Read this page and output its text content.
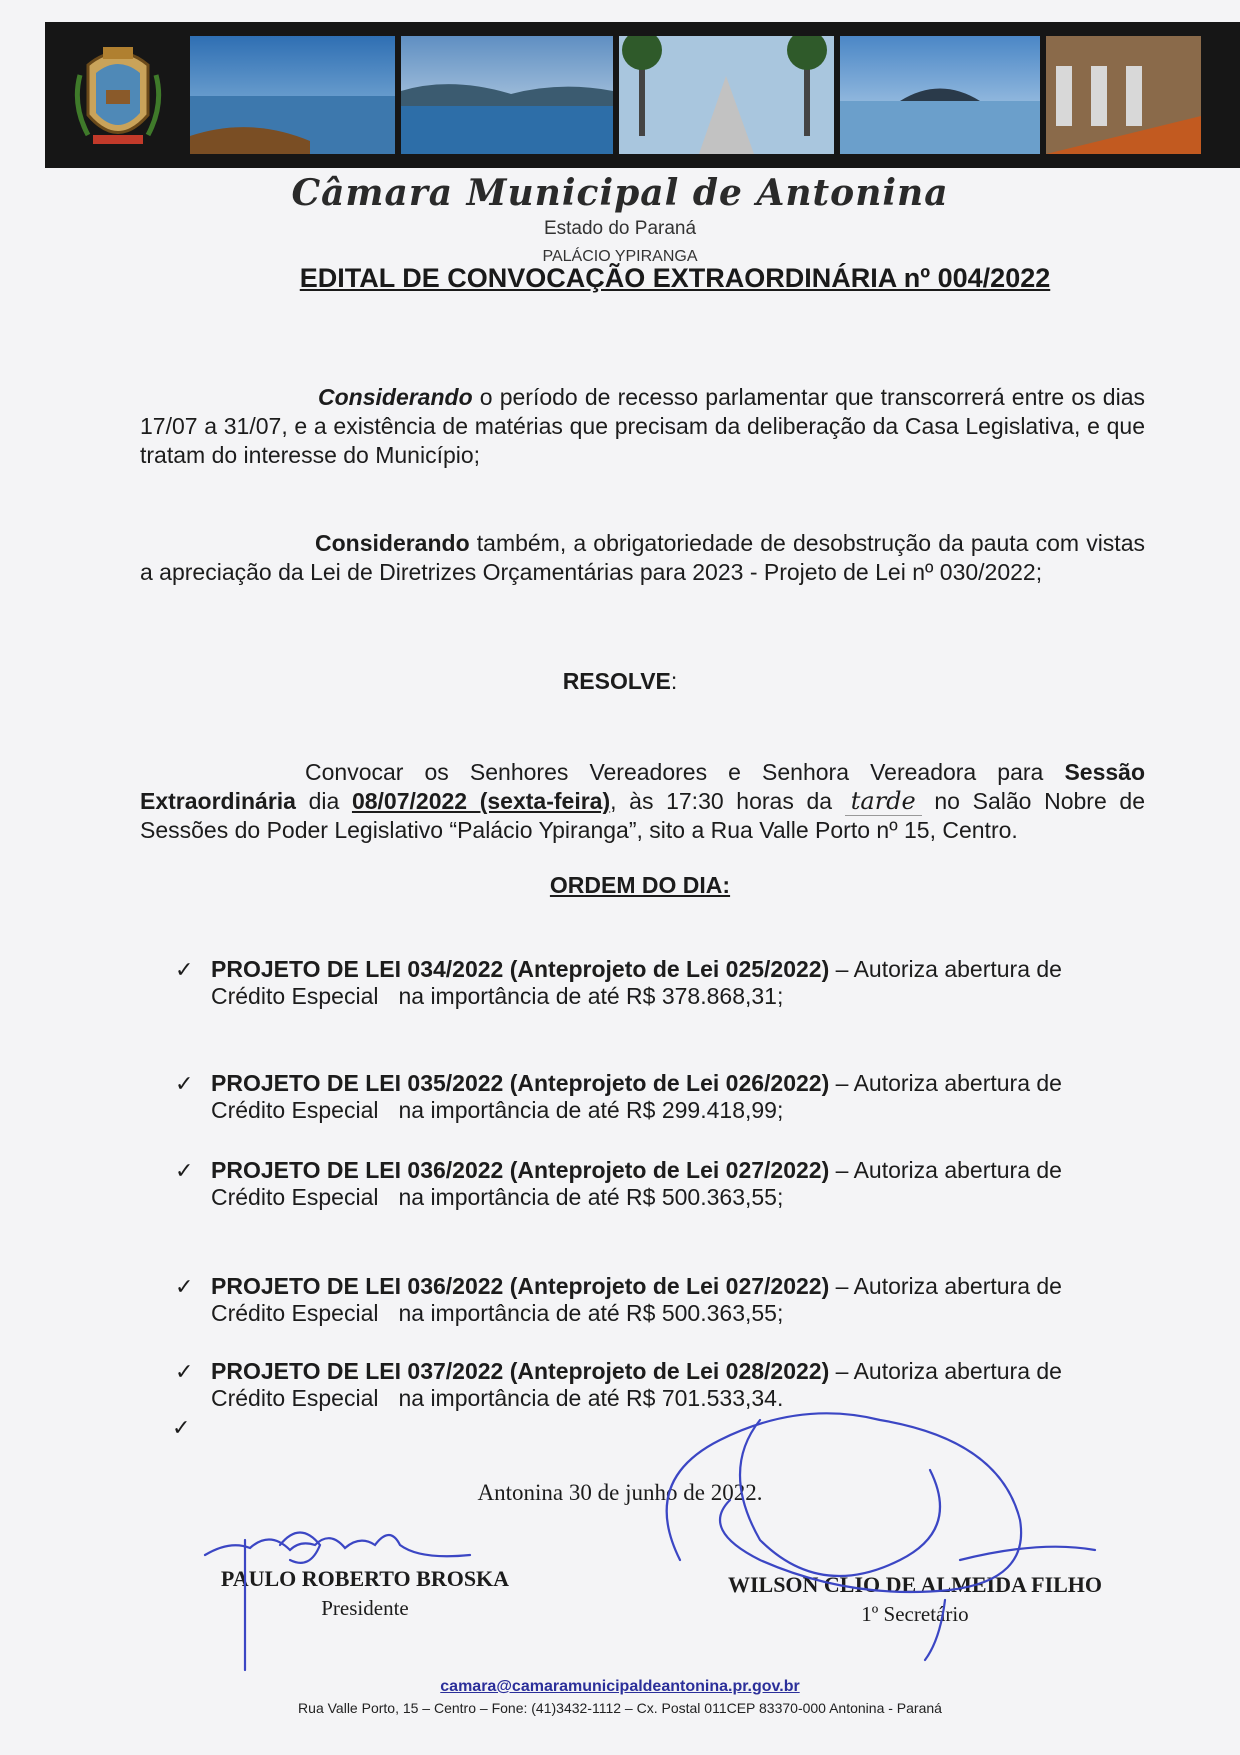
Câmara Municipal de Antonina
Estado do Paraná
PALÁCIO YPIRANGA
EDITAL DE CONVOCAÇÃO EXTRAORDINÁRIA nº 004/2022
Considerando o período de recesso parlamentar que transcorrerá entre os dias 17/07 a 31/07, e a existência de matérias que precisam da deliberação da Casa Legislativa, e que tratam do interesse do Município;
Considerando também, a obrigatoriedade de desobstrução da pauta com vistas a apreciação da Lei de Diretrizes Orçamentárias para 2023 - Projeto de Lei nº 030/2022;
RESOLVE:
Convocar os Senhores Vereadores e Senhora Vereadora para Sessão Extraordinária dia 08/07/2022 (sexta-feira), às 17:30 horas da tarde no Salão Nobre de Sessões do Poder Legislativo “Palácio Ypiranga”, sito a Rua Valle Porto nº 15, Centro.
ORDEM DO DIA:
✓ PROJETO DE LEI 034/2022 (Anteprojeto de Lei 025/2022) – Autoriza abertura de Crédito Especial na importância de até R$ 378.868,31;
✓ PROJETO DE LEI 035/2022 (Anteprojeto de Lei 026/2022) – Autoriza abertura de Crédito Especial na importância de até R$ 299.418,99;
✓ PROJETO DE LEI 036/2022 (Anteprojeto de Lei 027/2022) – Autoriza abertura de Crédito Especial na importância de até R$ 500.363,55;
✓ PROJETO DE LEI 036/2022 (Anteprojeto de Lei 027/2022) – Autoriza abertura de Crédito Especial na importância de até R$ 500.363,55;
✓ PROJETO DE LEI 037/2022 (Anteprojeto de Lei 028/2022) – Autoriza abertura de Crédito Especial na importância de até R$ 701.533,34.
✓
Antonina 30 de junho de 2022.
PAULO ROBERTO BROSKA
Presidente
WILSON CLIO DE ALMEIDA FILHO
1º Secretário
camara@camaramunicipaldeantonina.pr.gov.br
Rua Valle Porto, 15 – Centro – Fone: (41)3432-1112 – Cx. Postal 011CEP 83370-000 Antonina - Paraná
